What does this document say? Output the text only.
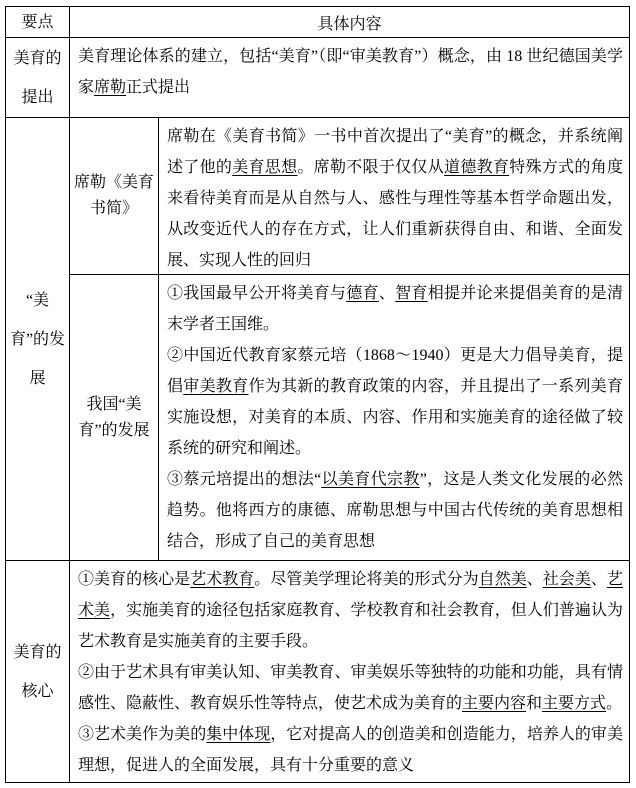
要点	具体内容
美育的提出

美育理论体系的建立，包括“美育”（即“审美教育”）概念，由 18 世纪德国美学家席勒正式提出

“美育”的发展
席勒《美育书简》

席勒在《美育书简》一书中首次提出了“美育”的概念，并系统阐述了他的美育思想。席勒不限于仅仅从道德教育特殊方式的角度来看待美育而是从自然与人、感性与理性等基本哲学命题出发，从改变近代人的存在方式，让人们重新获得自由、和谐、全面发展、实现人性的回归

我国“美育”的发展

①我国最早公开将美育与德育、智育相提并论来提倡美育的是清末学者王国维。

②中国近代教育家蔡元培（1868～1940）更是大力倡导美育，提倡审美教育作为其新的教育政策的内容，并且提出了一系列美育实施设想，对美育的本质、内容、作用和实施美育的途径做了较系统的研究和阐述。

③蔡元培提出的想法“以美育代宗教”，这是人类文化发展的必然趋势。他将西方的康德、席勒思想与中国古代传统的美育思想相结合，形成了自己的美育思想

美育的核心

①美育的核心是艺术教育。尽管美学理论将美的形式分为自然美、社会美、艺术美，实施美育的途径包括家庭教育、学校教育和社会教育，但人们普遍认为艺术教育是实施美育的主要手段。

②由于艺术具有审美认知、审美教育、审美娱乐等独特的功能和功能，具有情感性、隐蔽性、教育娱乐性等特点，使艺术成为美育的主要内容和主要方式。

③艺术美作为美的集中体现，它对提高人的创造美和创造能力，培养人的审美理想，促进人的全面发展，具有十分重要的意义
